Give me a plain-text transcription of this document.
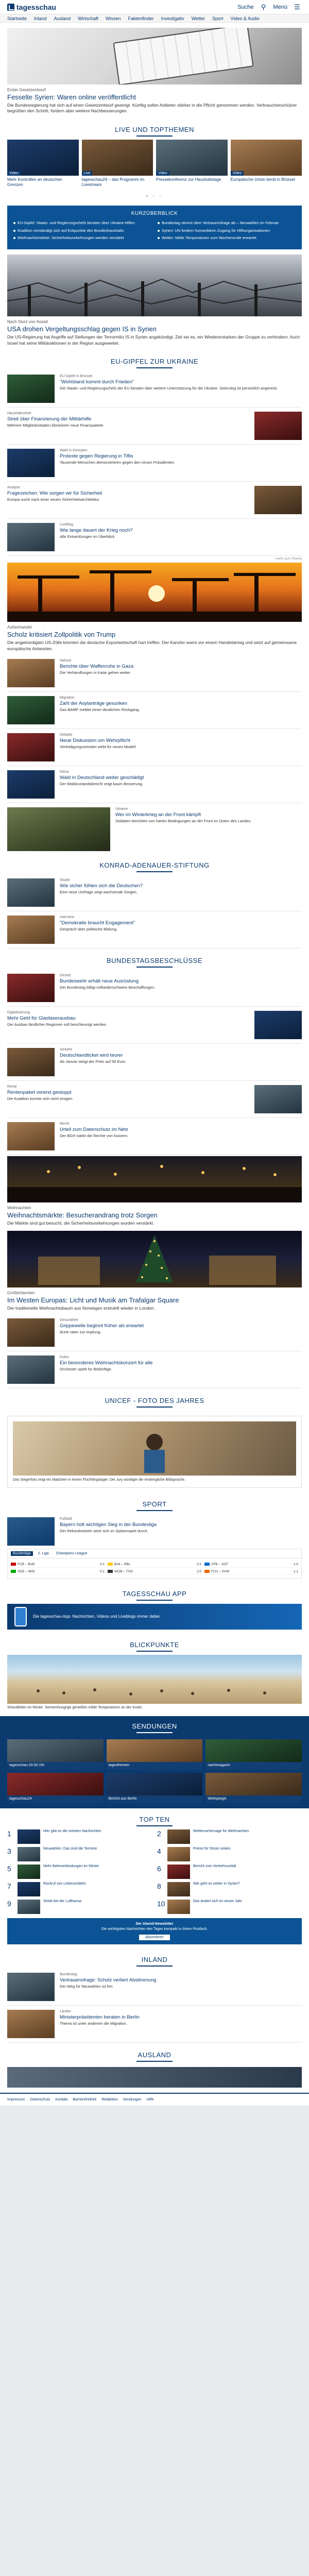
tagesschau	Suche	⚲	Menü ☰
Startseite Inland Ausland Wirtschaft Wissen Faktenfinder Investigativ Wetter Sport Video & Audio
Erster Gesetzentwurf
Fesselte Syrien: Waren online veröffentlicht

Die Bundesregierung hat sich auf einen Gesetzentwurf geeinigt. Künftig sollen Anbieter stärker in die Pflicht genommen werden. Verbraucherschützer begrüßen den Schritt, fordern aber weitere Nachbesserungen.

LIVE UND TOPTHEMEN
Video
Mehr Kontrollen an deutschen Grenzen
Live
tagesschau24 – das Programm im Livestream
Video
Pressekonferenz zur Haushaltslage
Video
Europäische Union berät in Brüssel
● ○ ○
KURZÜBERBLICK
EU-Gipfel: Staats- und Regierungschefs beraten über Ukraine-Hilfen
Koalition verständigt sich auf Eckpunkte des Bundeshaushalts
Weihnachtsmärkte: Sicherheitsvorkehrungen werden verstärkt
Bundestag stimmt über Vertrauensfrage ab – Neuwahlen im Februar
Syrien: UN fordern humanitären Zugang für Hilfsorganisationen
Wetter: Milde Temperaturen zum Wochenende erwartet
Nach Sturz von Assad
USA drohen Vergeltungsschlag gegen IS in Syrien

Die US-Regierung hat Angriffe auf Stellungen der Terrormiliz IS in Syrien angekündigt. Ziel sei es, ein Wiedererstarken der Gruppe zu verhindern. Auch Israel hat seine Militäraktionen in der Region ausgeweitet.

EU-GIPFEL ZUR UKRAINE
EU-Gipfel in Brüssel
"Wohlstand kommt durch Frieden"
Die Staats- und Regierungschefs der EU beraten über weitere Unterstützung für die Ukraine. Selenskyj ist persönlich angereist.
Haushaltsstreit
Streit über Finanzierung der Militärhilfe
Mehrere Mitgliedsstaaten blockieren neue Finanzpakete.
Wahl in Georgien
Proteste gegen Regierung in Tiflis
Tausende Menschen demonstrieren gegen den neuen Präsidenten.
Analyse
Fragezeichen: Wie sorgen wir für Sicherheit
Europa sucht nach einer neuen Sicherheitsarchitektur.
Liveblog
Wie lange dauert der Krieg noch?
Alle Entwicklungen im Überblick.
mehr zum Thema
Außenhandel
Scholz kritisiert Zollpolitik von Trump

Die angekündigten US-Zölle könnten die deutsche Exportwirtschaft hart treffen. Der Kanzler warnt vor einem Handelskrieg und setzt auf gemeinsame europäische Antworten.

Nahost
Berichte über Waffenruhe in Gaza
Die Verhandlungen in Katar gehen weiter.
Migration
Zahl der Asylanträge gesunken
Das BAMF meldet einen deutlichen Rückgang.
Debatte
Neue Diskussion um Wehrpflicht
Verteidigungsminister wirbt für neues Modell.
Klima
Wald in Deutschland weiter geschädigt
Der Waldzustandsbericht zeigt kaum Besserung.
Ukraine
Wer im Winterkrieg an der Front kämpft
Soldaten berichten von harten Bedingungen an der Front im Osten des Landes.
KONRAD-ADENAUER-STIFTUNG
Studie
Wie sicher fühlen sich die Deutschen?
Eine neue Umfrage zeigt wachsende Sorgen.
Interview
"Demokratie braucht Engagement"
Gespräch über politische Bildung.
BUNDESTAGSBESCHLÜSSE
Gesetz
Bundeswehr erhält neue Ausrüstung
Der Bundestag billigt milliardenschwere Beschaffungen.
Digitalisierung
Mehr Geld für Glasfaserausbau
Der Ausbau ländlicher Regionen soll beschleunigt werden.
Verkehr
Deutschlandticket wird teurer
Ab Januar steigt der Preis auf 58 Euro.
Rente
Rentenpaket vorerst gestoppt
Die Koalition konnte sich nicht einigen.
Recht
Urteil zum Datenschutz im Netz
Der BGH stärkt die Rechte von Nutzern.
Weihnachten
Weihnachtsmärkte: Besucherandrang trotz Sorgen

Die Märkte sind gut besucht, die Sicherheitsvorkehrungen wurden verstärkt.

Großbritannien
Im Westen Europas: Licht und Musik am Trafalgar Square

Der traditionelle Weihnachtsbaum aus Norwegen erstrahlt wieder in London.

Gesundheit
Grippewelle beginnt früher als erwartet
Ärzte raten zur Impfung.
Kultur
Ein besonderes Weihnachtskonzert für alle
Orchester spielt für Bedürftige.
UNICEF - FOTO DES JAHRES

Das Siegerfoto zeigt ein Mädchen in einem Flüchtlingslager. Die Jury würdigte die eindringliche Bildsprache.

SPORT
Fußball
Bayern holt wichtigen Sieg in der Bundesliga
Der Rekordmeister setzt sich im Spitzenspiel durch.
Bundesliga	2. Liga	Champions League
FCB – BVB	3:1	B04 – RBL	2:2	VFB – SCF	1:0
SGE – M05	0:1	WOB – TSG	2:0	FCU – SVW	1:1
TAGESSCHAU APP
Die tagesschau-App: Nachrichten, Videos und Liveblogs immer dabei.
BLICKPUNKTE

Strandleben im Winter: Sonnenhungrige genießen milde Temperaturen an der Küste.

SENDUNGEN
tagesschau 20:00 Uhr	tagesthemen	nachtmagazin
tagesschau24	Bericht aus Berlin	Weltspiegel
TOP TEN
1	Hier gibt es die meisten Nachrichten	2	Wettervorhersage für Weihnachten
3	Neuwahlen: Das sind die Termine	4	Preise für Strom sinken
5	Mehr Bahnverbindungen im Winter	6	Bericht zum Verkehrsunfall
7	Rückruf von Lebensmitteln	8	Wie geht es weiter in Syrien?
9	Streik bei der Lufthansa	10	Das ändert sich im neuen Jahr
Der Abend-Newsletter
Die wichtigsten Nachrichten des Tages kompakt in Ihrem Postfach.
Abonnieren
INLAND
Bundestag
Vertrauensfrage: Scholz verliert Abstimmung
Der Weg für Neuwahlen ist frei.
Länder
Ministerpräsidenten beraten in Berlin
Thema ist unter anderem die Migration.
AUSLAND
Impressum Datenschutz Kontakt Barrierefreiheit Redaktion Sendungen Hilfe
